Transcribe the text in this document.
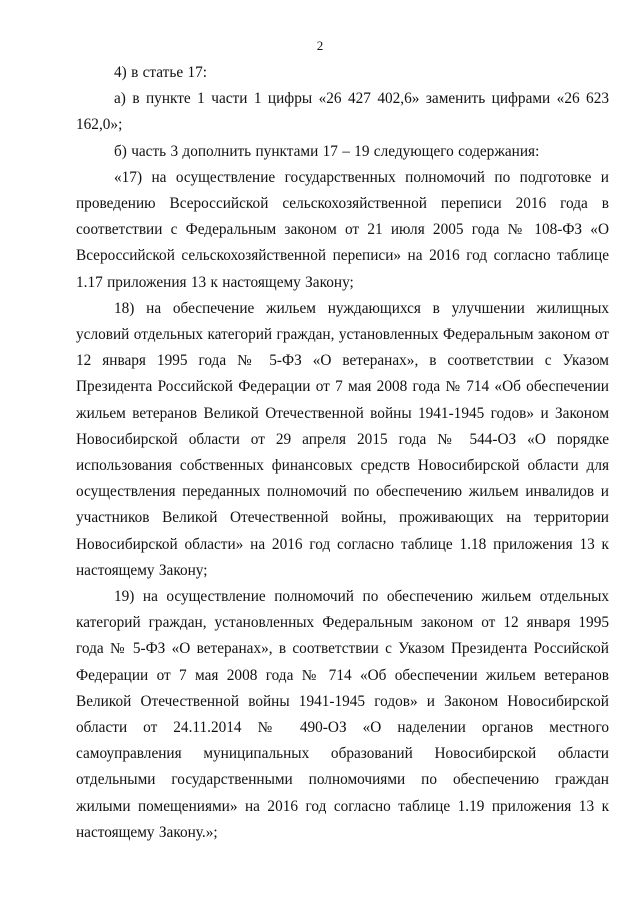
2

4) в статье 17:

а) в пункте 1 части 1 цифры «26 427 402,6» заменить цифрами «26 623 162,0»;

б) часть 3 дополнить пунктами 17 – 19 следующего содержания:

«17) на осуществление государственных полномочий по подготовке и проведению Всероссийской сельскохозяйственной переписи 2016 года в соответствии с Федеральным законом от 21 июля 2005 года № 108-ФЗ «О Всероссийской сельскохозяйственной переписи» на 2016 год согласно таблице 1.17 приложения 13 к настоящему Закону;

18) на обеспечение жильем нуждающихся в улучшении жилищных условий отдельных категорий граждан, установленных Федеральным законом от 12 января 1995 года № 5-ФЗ «О ветеранах», в соответствии с Указом Президента Российской Федерации от 7 мая 2008 года № 714 «Об обеспечении жильем ветеранов Великой Отечественной войны 1941-1945 годов» и Законом Новосибирской области от 29 апреля 2015 года № 544-ОЗ «О порядке использования собственных финансовых средств Новосибирской области для осуществления переданных полномочий по обеспечению жильем инвалидов и участников Великой Отечественной войны, проживающих на территории Новосибирской области» на 2016 год согласно таблице 1.18 приложения 13 к настоящему Закону;

19) на осуществление полномочий по обеспечению жильем отдельных категорий граждан, установленных Федеральным законом от 12 января 1995 года № 5-ФЗ «О ветеранах», в соответствии с Указом Президента Российской Федерации от 7 мая 2008 года № 714 «Об обеспечении жильем ветеранов Великой Отечественной войны 1941-1945 годов» и Законом Новосибирской области от 24.11.2014 № 490-ОЗ «О наделении органов местного самоуправления муниципальных образований Новосибирской области отдельными государственными полномочиями по обеспечению граждан жилыми помещениями» на 2016 год согласно таблице 1.19 приложения 13 к настоящему Закону.»;
